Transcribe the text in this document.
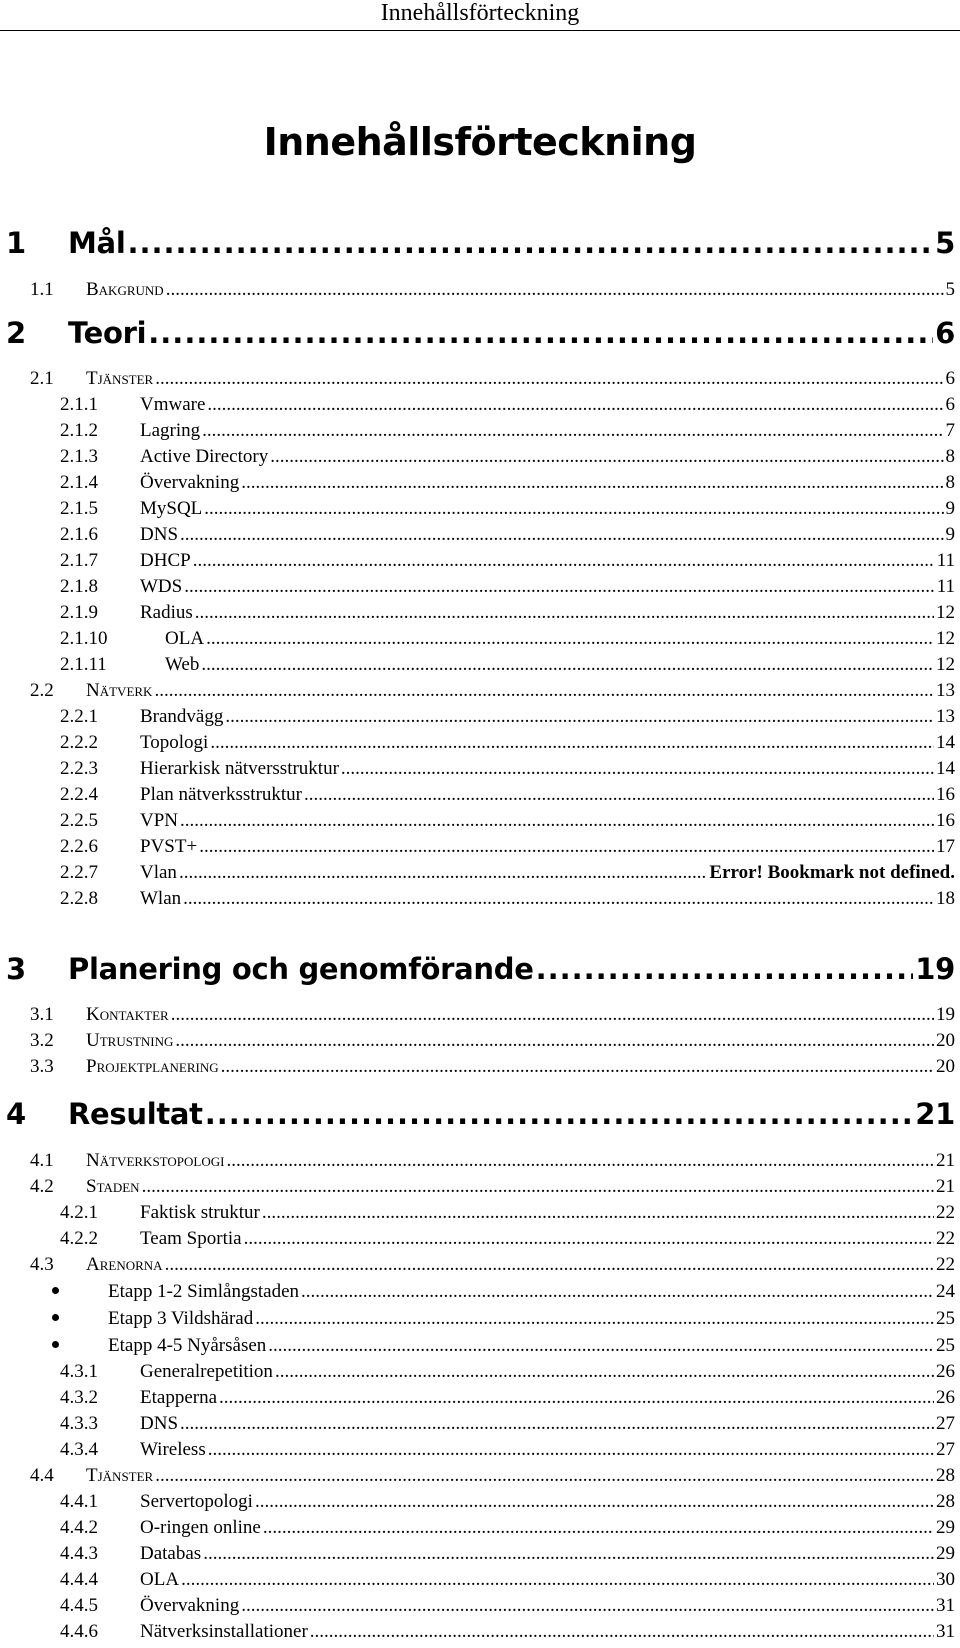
Innehållsförteckning
Innehållsförteckning
1	Mål .....	5
1.1	Bakgrund .....	5
2	Teori .....	6
2.1	Tjänster .....	6
2.1.1	Vmware .....	6
2.1.2	Lagring .....	7
2.1.3	Active Directory .....	8
2.1.4	Övervakning .....	8
2.1.5	MySQL .....	9
2.1.6	DNS .....	9
2.1.7	DHCP .....	11
2.1.8	WDS .....	11
2.1.9	Radius .....	12
2.1.10	OLA .....	12
2.1.11	Web .....	12
2.2	Nätverk .....	13
2.2.1	Brandvägg .....	13
2.2.2	Topologi .....	14
2.2.3	Hierarkisk nätversstruktur .....	14
2.2.4	Plan nätverksstruktur .....	16
2.2.5	VPN .....	16
2.2.6	PVST+ .....	17
2.2.7	Vlan .....	Error! Bookmark not defined.
2.2.8	Wlan .....	18
3	Planering och genomförande .....	19
3.1	Kontakter .....	19
3.2	Utrustning .....	20
3.3	Projektplanering .....	20
4	Resultat .....	21
4.1	Nätverkstopologi .....	21
4.2	Staden .....	21
4.2.1	Faktisk struktur .....	22
4.2.2	Team Sportia .....	22
4.3	Arenorna .....	22
Etapp 1-2 Simlångstaden .....	24
Etapp 3 Vildshärad .....	25
Etapp 4-5 Nyårsåsen .....	25
4.3.1	Generalrepetition .....	26
4.3.2	Etapperna .....	26
4.3.3	DNS .....	27
4.3.4	Wireless .....	27
4.4	Tjänster .....	28
4.4.1	Servertopologi .....	28
4.4.2	O-ringen online .....	29
4.4.3	Databas .....	29
4.4.4	OLA .....	30
4.4.5	Övervakning .....	31
4.4.6	Nätverksinstallationer .....	31
